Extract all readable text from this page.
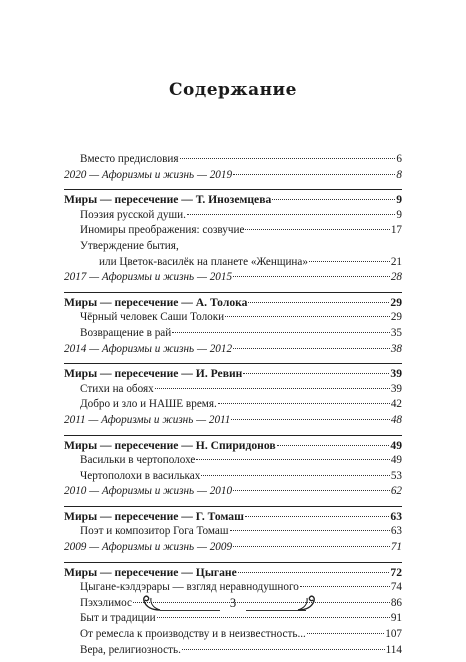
Содержание
Вместо предисловия	6
2020 — Афоризмы и жизнь — 2019	8
Миры — пересечение — Т. Иноземцева	9
Поэзия русской души.	9
Иномиры преображения: созвучие	17
Утверждение бытия,
или Цветок-василёк на планете «Женщина»	21
2017 — Афоризмы и жизнь — 2015	28
Миры — пересечение — А. Толока	29
Чёрный человек Саши Толоки	29
Возвращение в рай	35
2014 — Афоризмы и жизнь — 2012	38
Миры — пересечение — И. Ревин	39
Стихи на обоях	39
Добро и зло и НАШЕ время.	42
2011 — Афоризмы и жизнь — 2011	48
Миры — пересечение — Н. Спиридонов	49
Васильки в чертополохе	49
Чертополохи в васильках	53
2010 — Афоризмы и жизнь — 2010	62
Миры — пересечение — Г. Томаш	63
Поэт и композитор Гога Томаш	63
2009 — Афоризмы и жизнь — 2009	71
Миры — пересечение — Цыгане	72
Цыгане-кэлдэрары — взгляд неравнодушного	74
Пэхэлимос	86
Быт и традиции	91
От ремесла к производству и в неизвестность...	107
Вера, религиозность.	114
3
